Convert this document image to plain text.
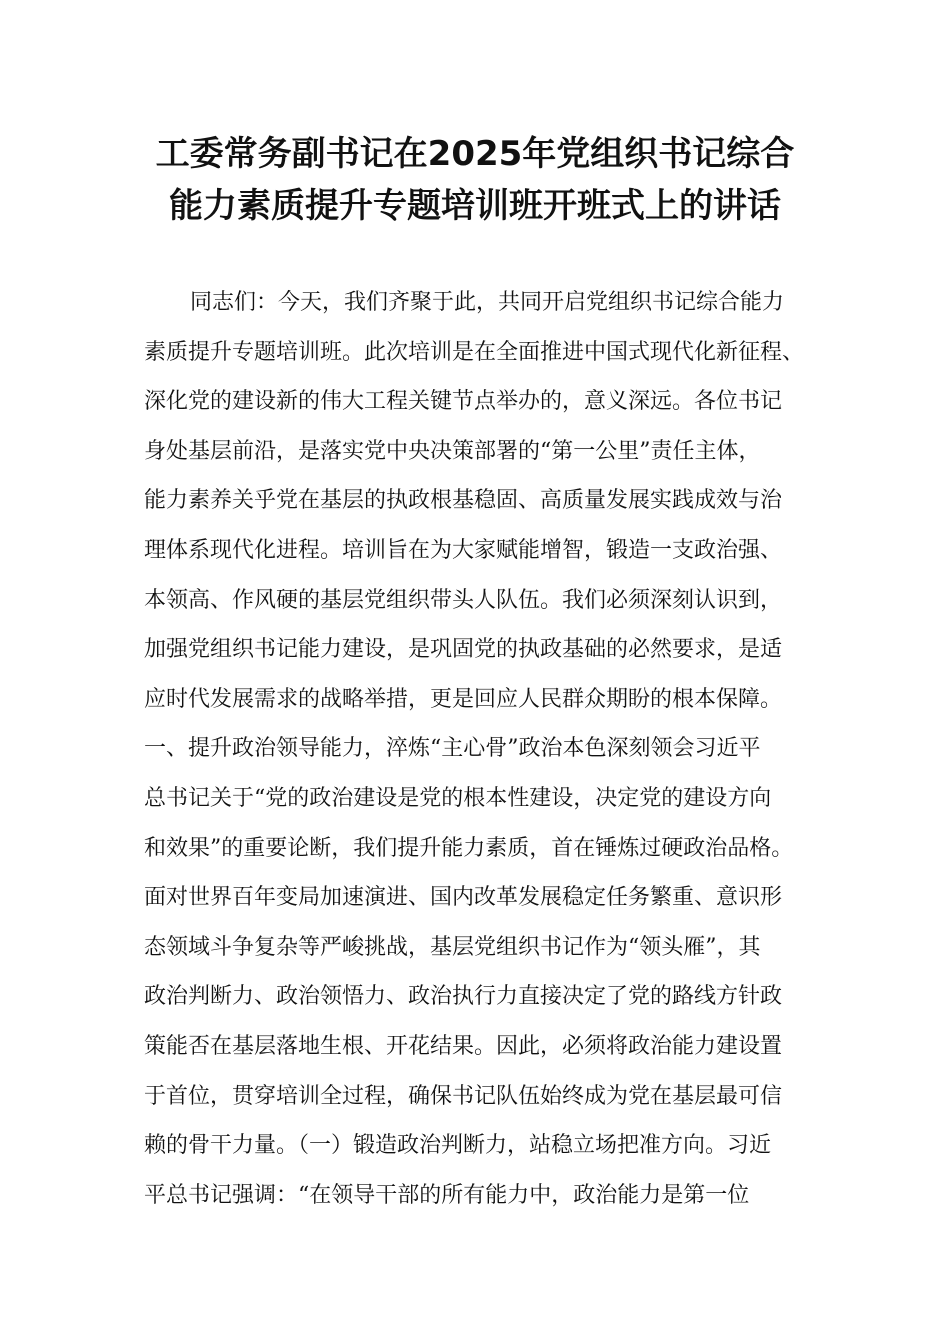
工委常务副书记在2025年党组织书记综合
能力素质提升专题培训班开班式上的讲话
同志们：今天，我们齐聚于此，共同开启党组织书记综合能力
素质提升专题培训班。此次培训是在全面推进中国式现代化新征程、
深化党的建设新的伟大工程关键节点举办的，意义深远。各位书记
身处基层前沿，是落实党中央决策部署的“第一公里”责任主体，
能力素养关乎党在基层的执政根基稳固、高质量发展实践成效与治
理体系现代化进程。培训旨在为大家赋能增智，锻造一支政治强、
本领高、作风硬的基层党组织带头人队伍。我们必须深刻认识到，
加强党组织书记能力建设，是巩固党的执政基础的必然要求，是适
应时代发展需求的战略举措，更是回应人民群众期盼的根本保障。
一、提升政治领导能力，淬炼“主心骨”政治本色深刻领会习近平
总书记关于“党的政治建设是党的根本性建设，决定党的建设方向
和效果”的重要论断，我们提升能力素质，首在锤炼过硬政治品格。
面对世界百年变局加速演进、国内改革发展稳定任务繁重、意识形
态领域斗争复杂等严峻挑战，基层党组织书记作为“领头雁”，其
政治判断力、政治领悟力、政治执行力直接决定了党的路线方针政
策能否在基层落地生根、开花结果。因此，必须将政治能力建设置
于首位，贯穿培训全过程，确保书记队伍始终成为党在基层最可信
赖的骨干力量。（一）锻造政治判断力，站稳立场把准方向。习近
平总书记强调：“在领导干部的所有能力中，政治能力是第一位
